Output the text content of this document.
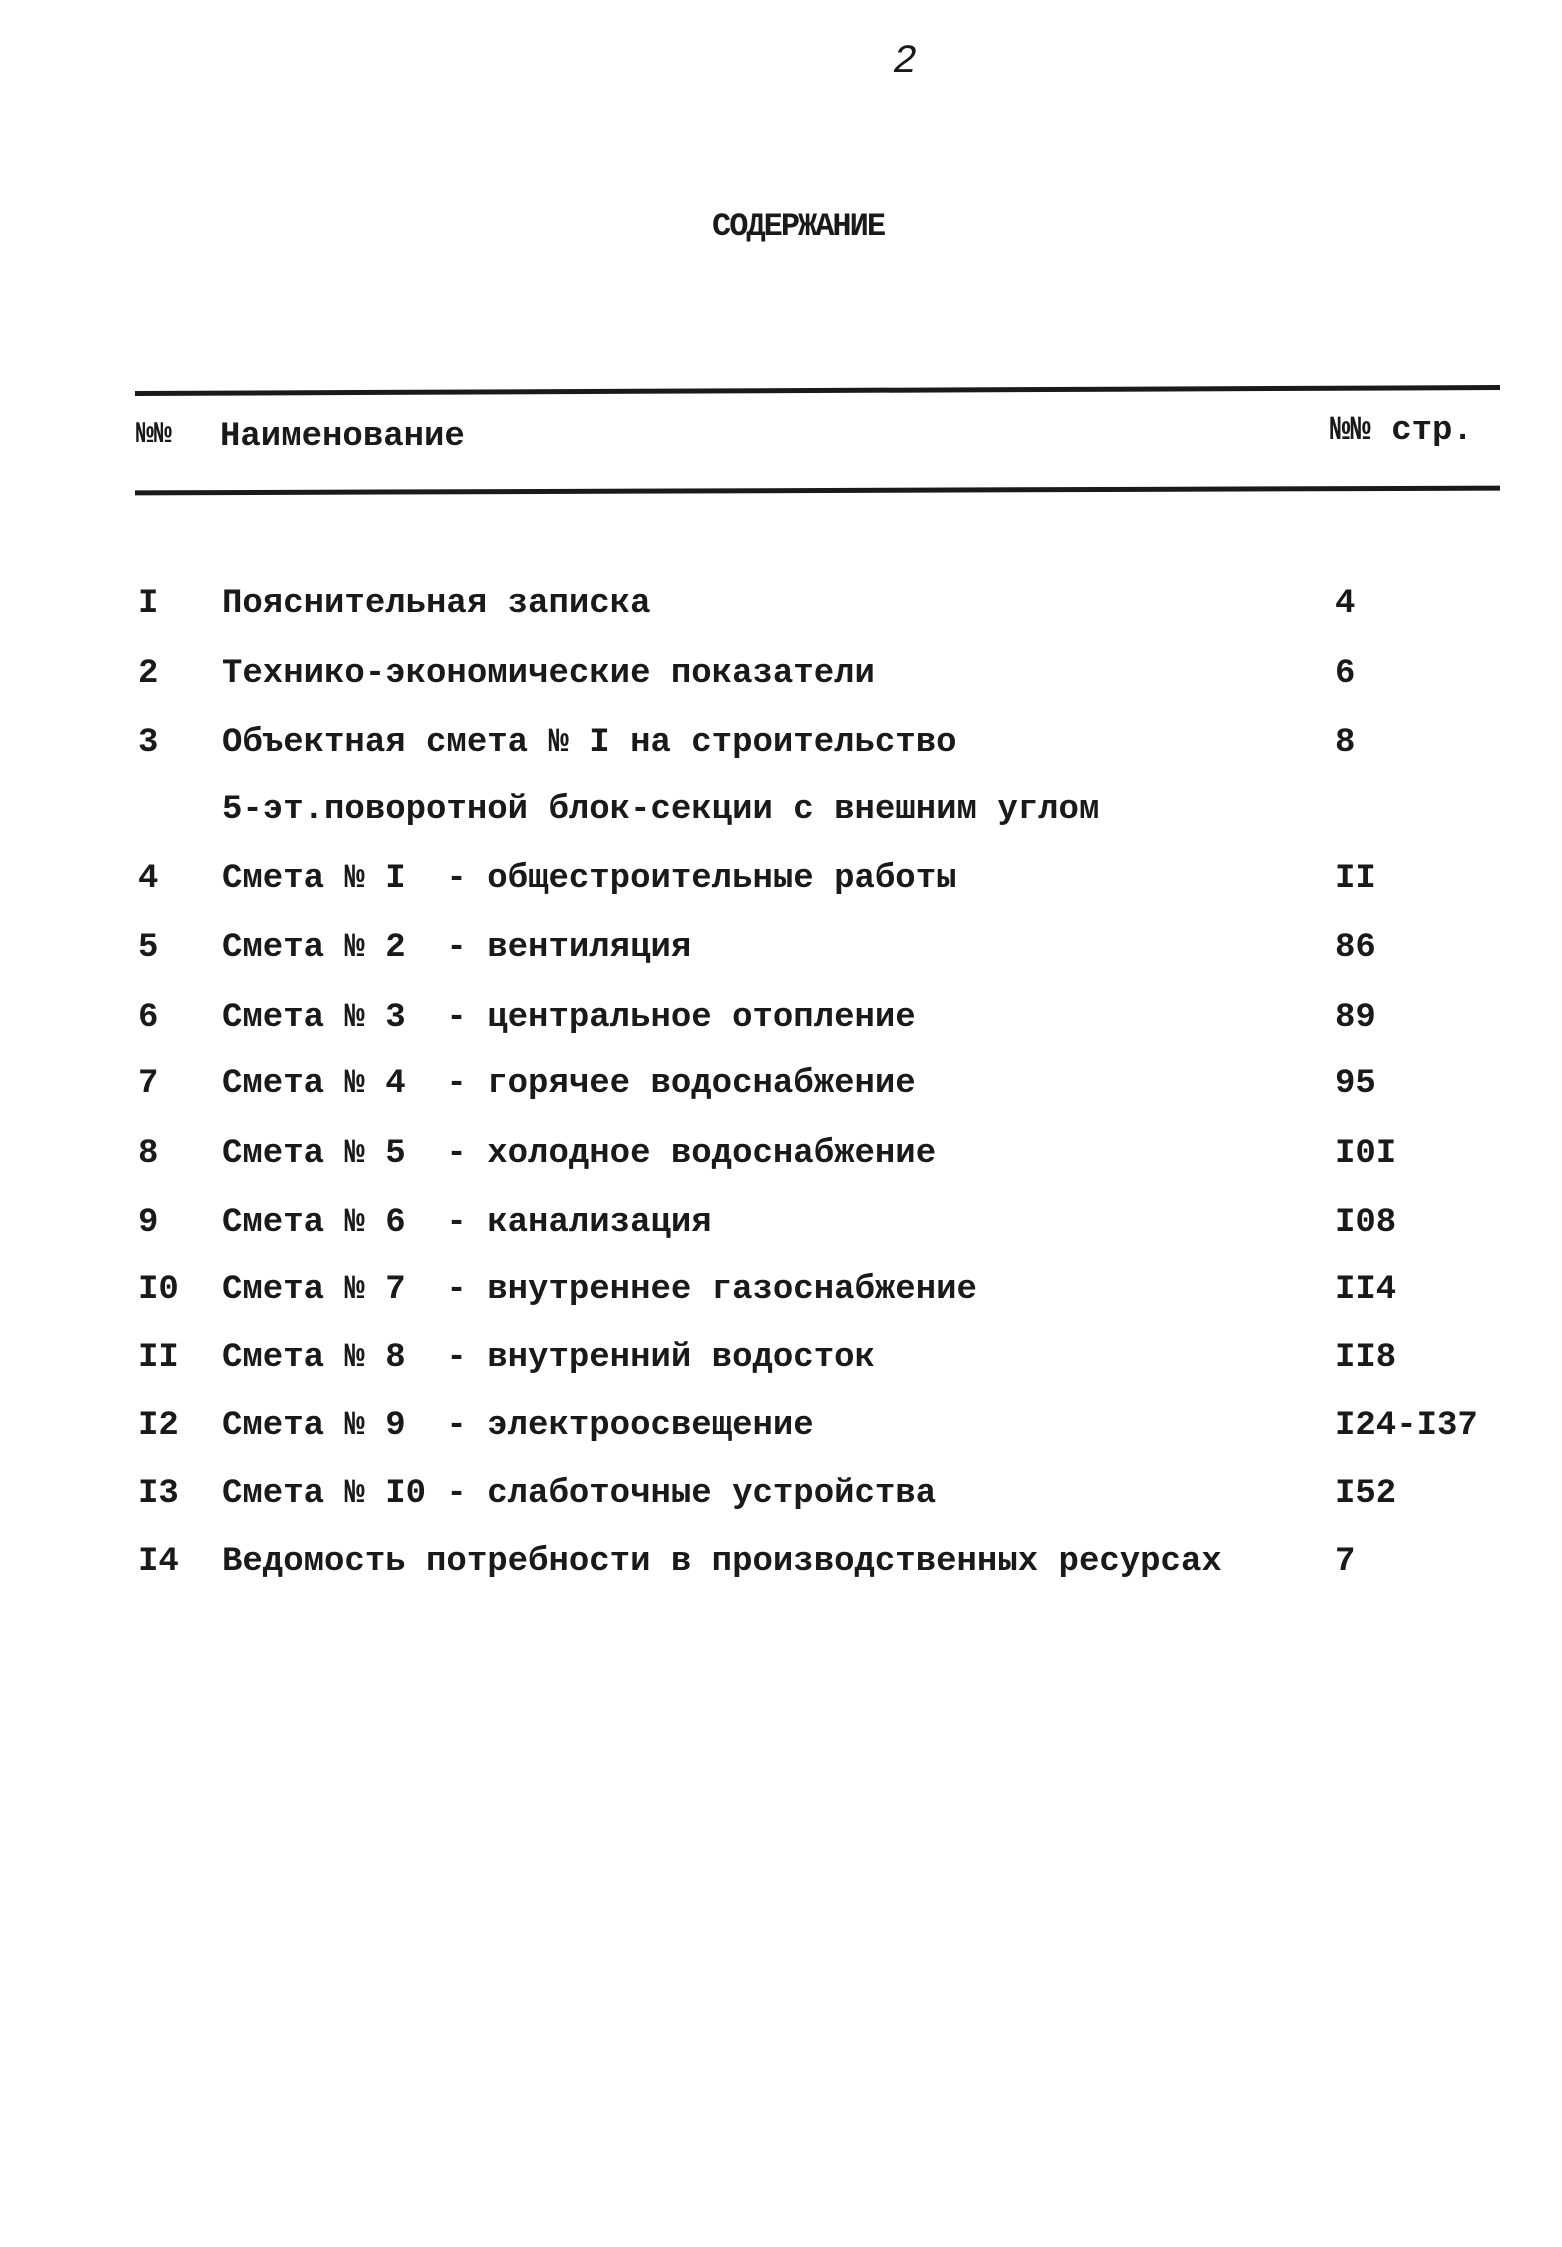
2
СОДЕРЖАНИЕ
№№ Наименование	№№ стр.
I Пояснительная записка	4
2 Технико-экономические показатели	6
3 Объектная смета № I на строительство	8
5-эт.поворотной блок-секции с внешним углом
4 Смета № I  - общестроительные работы	II
5 Смета № 2  - вентиляция	86
6 Смета № 3  - центральное отопление	89
7 Смета № 4  - горячее водоснабжение	95
8 Смета № 5  - холодное водоснабжение	I0I
9 Смета № 6  - канализация	I08
I0 Смета № 7  - внутреннее газоснабжение	II4
II Смета № 8  - внутренний водосток	II8
I2 Смета № 9  - электроосвещение	I24-I37
I3 Смета № I0 - слаботочные устройства	I52
I4 Ведомость потребности в производственных ресурсах	7
